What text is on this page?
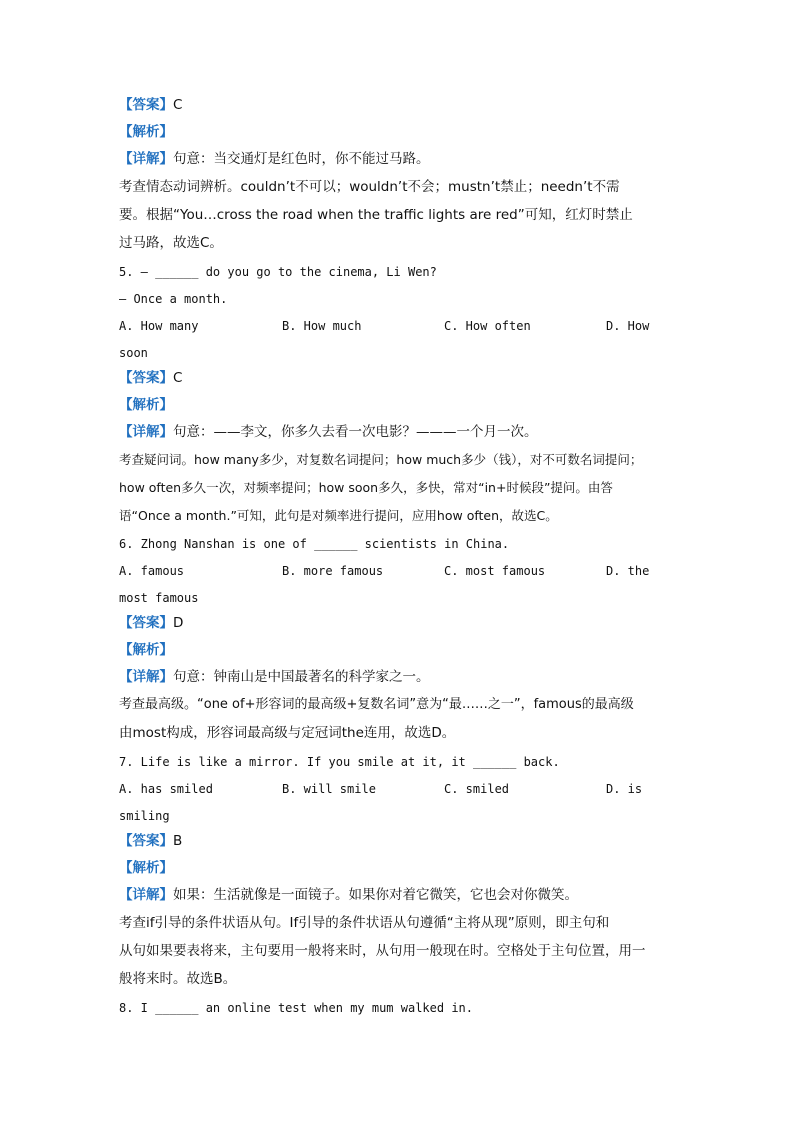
【答案】C
【解析】
【详解】句意：当交通灯是红色时，你不能过马路。
考查情态动词辨析。couldn’t不可以；wouldn’t不会；mustn’t禁止；needn’t不需
要。根据“You…cross the road when the traffic lights are red”可知，红灯时禁止
过马路，故选C。
5. — ______ do you go to the cinema, Li Wen?
— Once a month.
A. How many	B. How much	C. How often	D. How
soon
【答案】C
【解析】
【详解】句意：——李文，你多久去看一次电影？———一个月一次。
考查疑问词。how many多少，对复数名词提问；how much多少（钱），对不可数名词提问；
how often多久一次，对频率提问；how soon多久，多快，常对“in+时候段”提问。由答
语“Once a month.”可知，此句是对频率进行提问，应用how often，故选C。
6. Zhong Nanshan is one of ______ scientists in China.
A. famous	B. more famous	C. most famous	D. the
most famous
【答案】D
【解析】
【详解】句意：钟南山是中国最著名的科学家之一。
考查最高级。“one of+形容词的最高级+复数名词”意为“最……之一”，famous的最高级
由most构成，形容词最高级与定冠词the连用，故选D。
7. Life is like a mirror. If you smile at it, it ______ back.
A. has smiled	B. will smile	C. smiled	D. is
smiling
【答案】B
【解析】
【详解】如果：生活就像是一面镜子。如果你对着它微笑，它也会对你微笑。
考查if引导的条件状语从句。If引导的条件状语从句遵循“主将从现”原则，即主句和
从句如果要表将来，主句要用一般将来时，从句用一般现在时。空格处于主句位置，用一
般将来时。故选B。
8. I ______ an online test when my mum walked in.
